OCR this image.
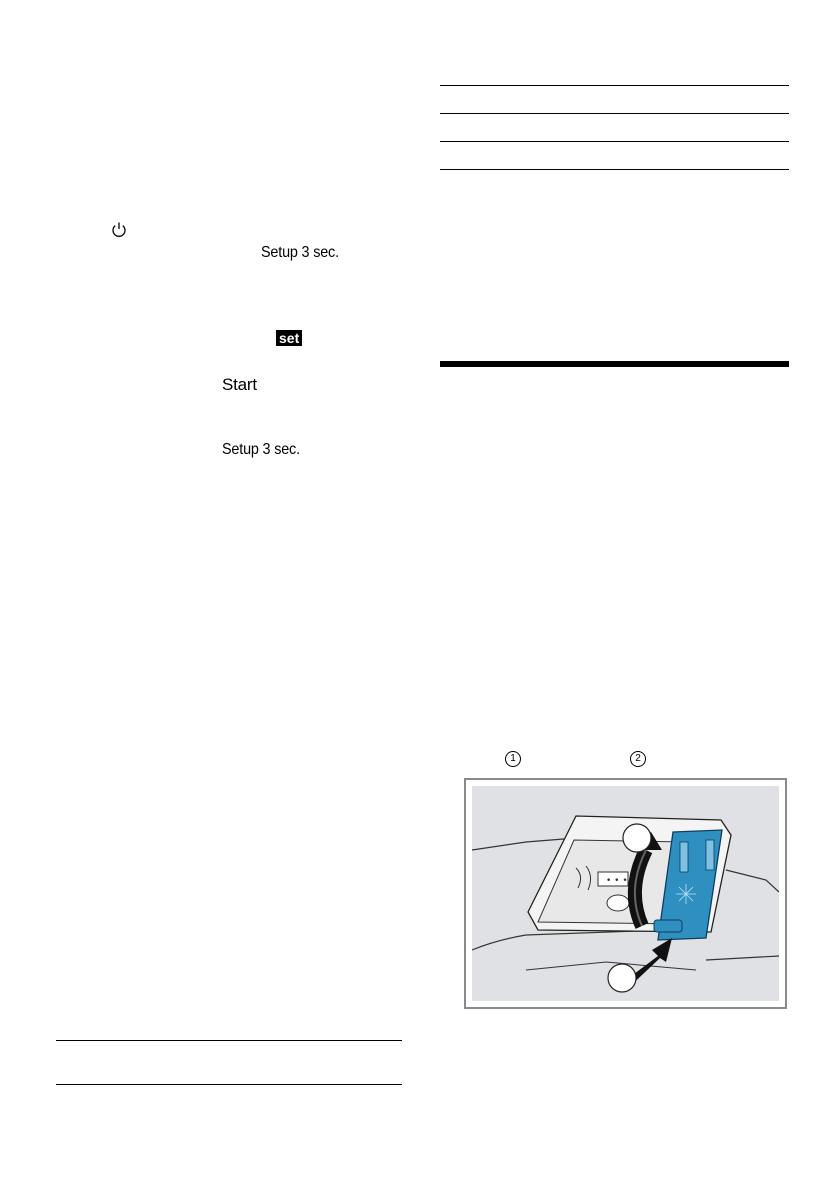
Setup 3 sec.
set
Start
Setup 3 sec.
1	2
• • •
